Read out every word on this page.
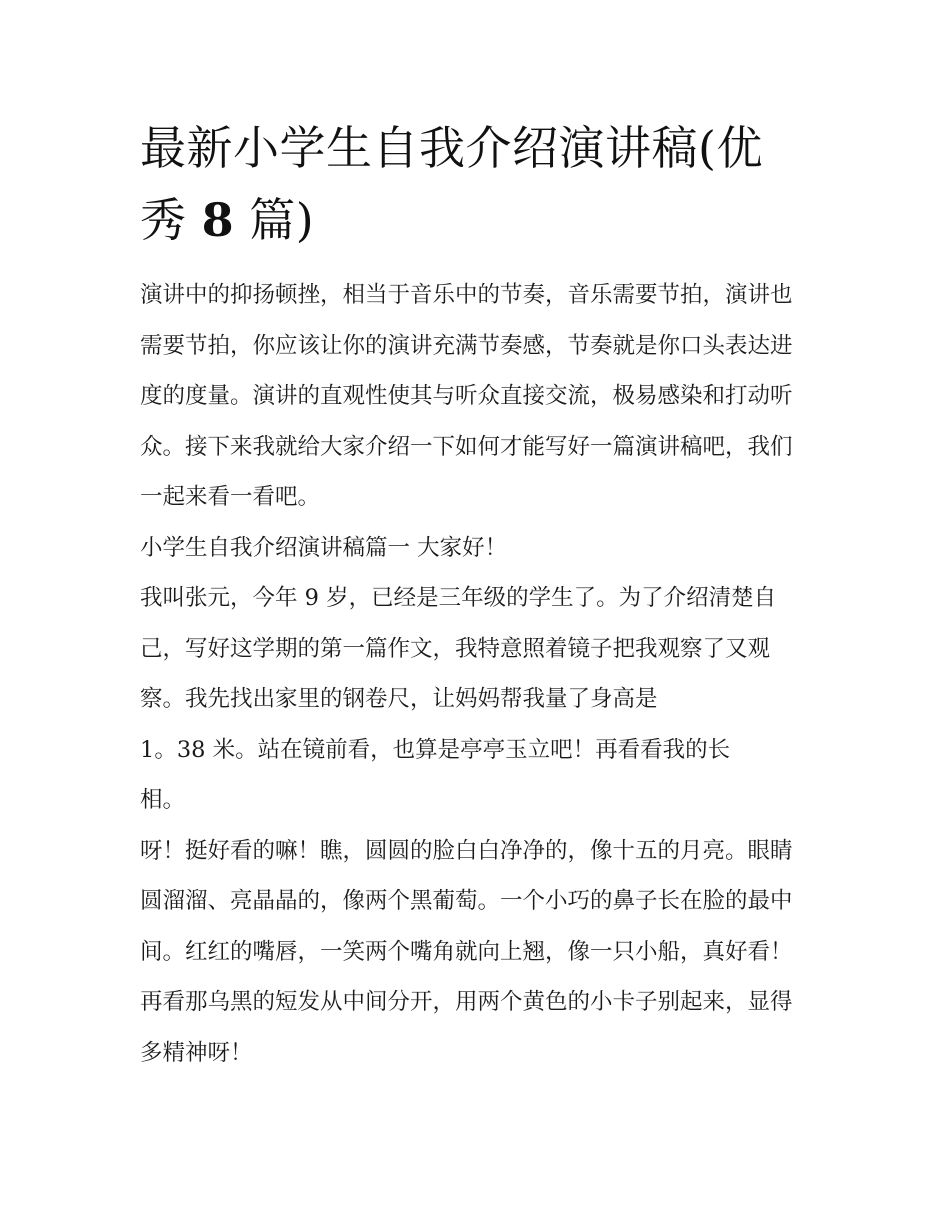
最新小学生自我介绍演讲稿(优
秀 8 篇)

演讲中的抑扬顿挫，相当于音乐中的节奏，音乐需要节拍，演讲也需要节拍，你应该让你的演讲充满节奏感，节奏就是你口头表达进度的度量。演讲的直观性使其与听众直接交流，极易感染和打动听众。接下来我就给大家介绍一下如何才能写好一篇演讲稿吧，我们一起来看一看吧。

小学生自我介绍演讲稿篇一 大家好！

我叫张元，今年 9 岁，已经是三年级的学生了。为了介绍清楚自己，写好这学期的第一篇作文，我特意照着镜子把我观察了又观察。我先找出家里的钢卷尺，让妈妈帮我量了身高是
1。38 米。站在镜前看，也算是亭亭玉立吧！再看看我的长
相。

呀！挺好看的嘛！瞧，圆圆的脸白白净净的，像十五的月亮。眼睛圆溜溜、亮晶晶的，像两个黑葡萄。一个小巧的鼻子长在脸的最中间。红红的嘴唇，一笑两个嘴角就向上翘，像一只小船，真好看！再看那乌黑的短发从中间分开，用两个黄色的小卡子别起来，显得多精神呀！
